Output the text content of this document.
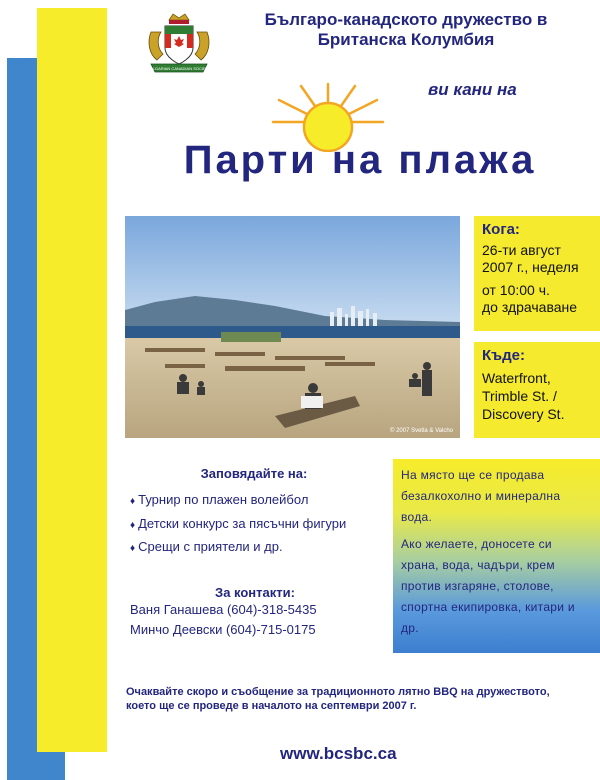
BULGARIAN CANADIAN SOCIETY
Българо-канадското дружество в
Британска Колумбия
ви кани на
Парти на плажа
© 2007 Svetla & Valcho
Кога:
26-ти август
2007 г., неделя
от 10:00 ч.
до здрачаване
Къде:
Waterfront,
Trimble St. /
Discovery St.
Заповядайте на:
♦ Турнир по плажен волейбол
♦ Детски конкурс за пясъчни фигури
♦ Срещи с приятели и др.
За контакти:
Ваня Ганашева (604)-318-5435
Минчо Деевски (604)-715-0175

На място ще се продава безалкохолно и минерална вода.

Ако желаете, доносете си храна, вода, чадъри, крем против изгаряне, столове, спортна екипировка, китари и др.

Очаквайте скоро и съобщение за традиционното лятно BBQ на дружеството,
което ще се проведе в началото на септември 2007 г.
www.bcsbc.ca
